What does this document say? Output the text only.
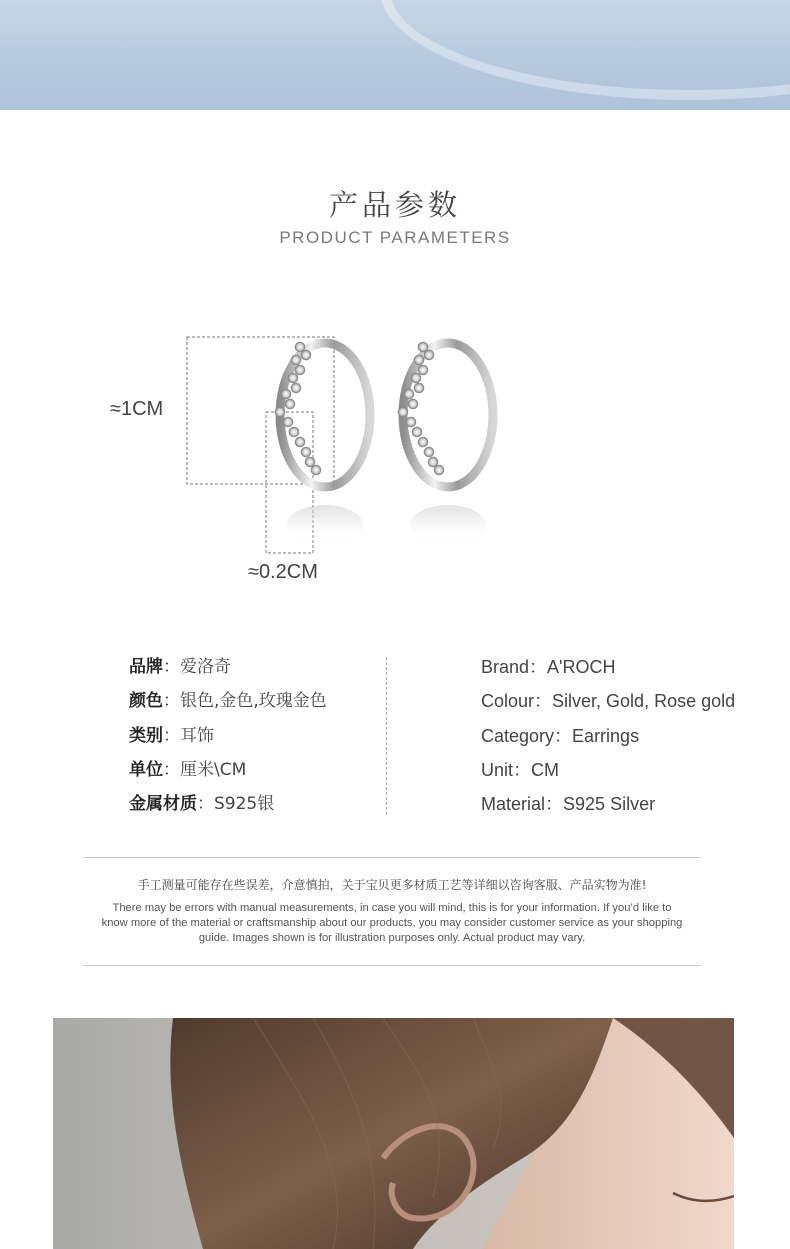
产品参数
PRODUCT PARAMETERS
≈1CM
≈0.2CM
品牌：爱洛奇
颜色：银色,金色,玫瑰金色
类别：耳饰
单位：厘米\CM
金属材质：S925银
Brand：A'ROCH
Colour：Silver, Gold, Rose gold
Category：Earrings
Unit：CM
Material：S925 Silver
手工测量可能存在些误差，介意慎拍，关于宝贝更多材质工艺等详细以咨询客服、产品实物为准!
There may be errors with manual measurements, in case you will mind, this is for your information. If you’d like to know more of the material or craftsmanship about our products, you may consider customer service as your shopping guide. Images shown is for illustration purposes only. Actual product may vary.
